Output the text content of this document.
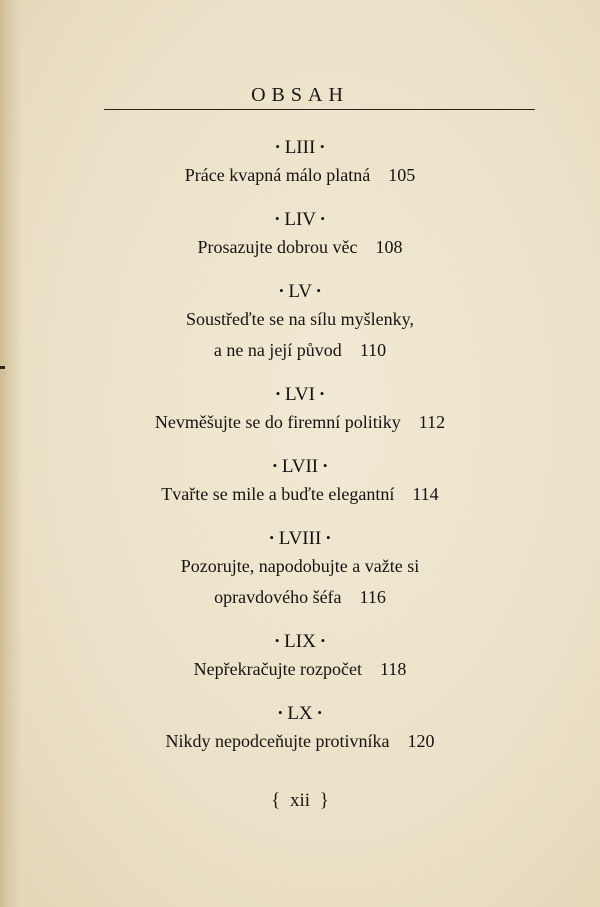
OBSAH
• LIII •
Práce kvapná málo platná 105
• LIV •
Prosazujte dobrou věc 108
• LV •
Soustřeďte se na sílu myšlenky,
a ne na její původ 110
• LVI •
Nevměšujte se do firemní politiky 112
• LVII •
Tvařte se mile a buďte elegantní 114
• LVIII •
Pozorujte, napodobujte a važte si
opravdového šéfa 116
• LIX •
Nepřekračujte rozpočet 118
• LX •
Nikdy nepodceňujte protivníka 120
{ xii }
